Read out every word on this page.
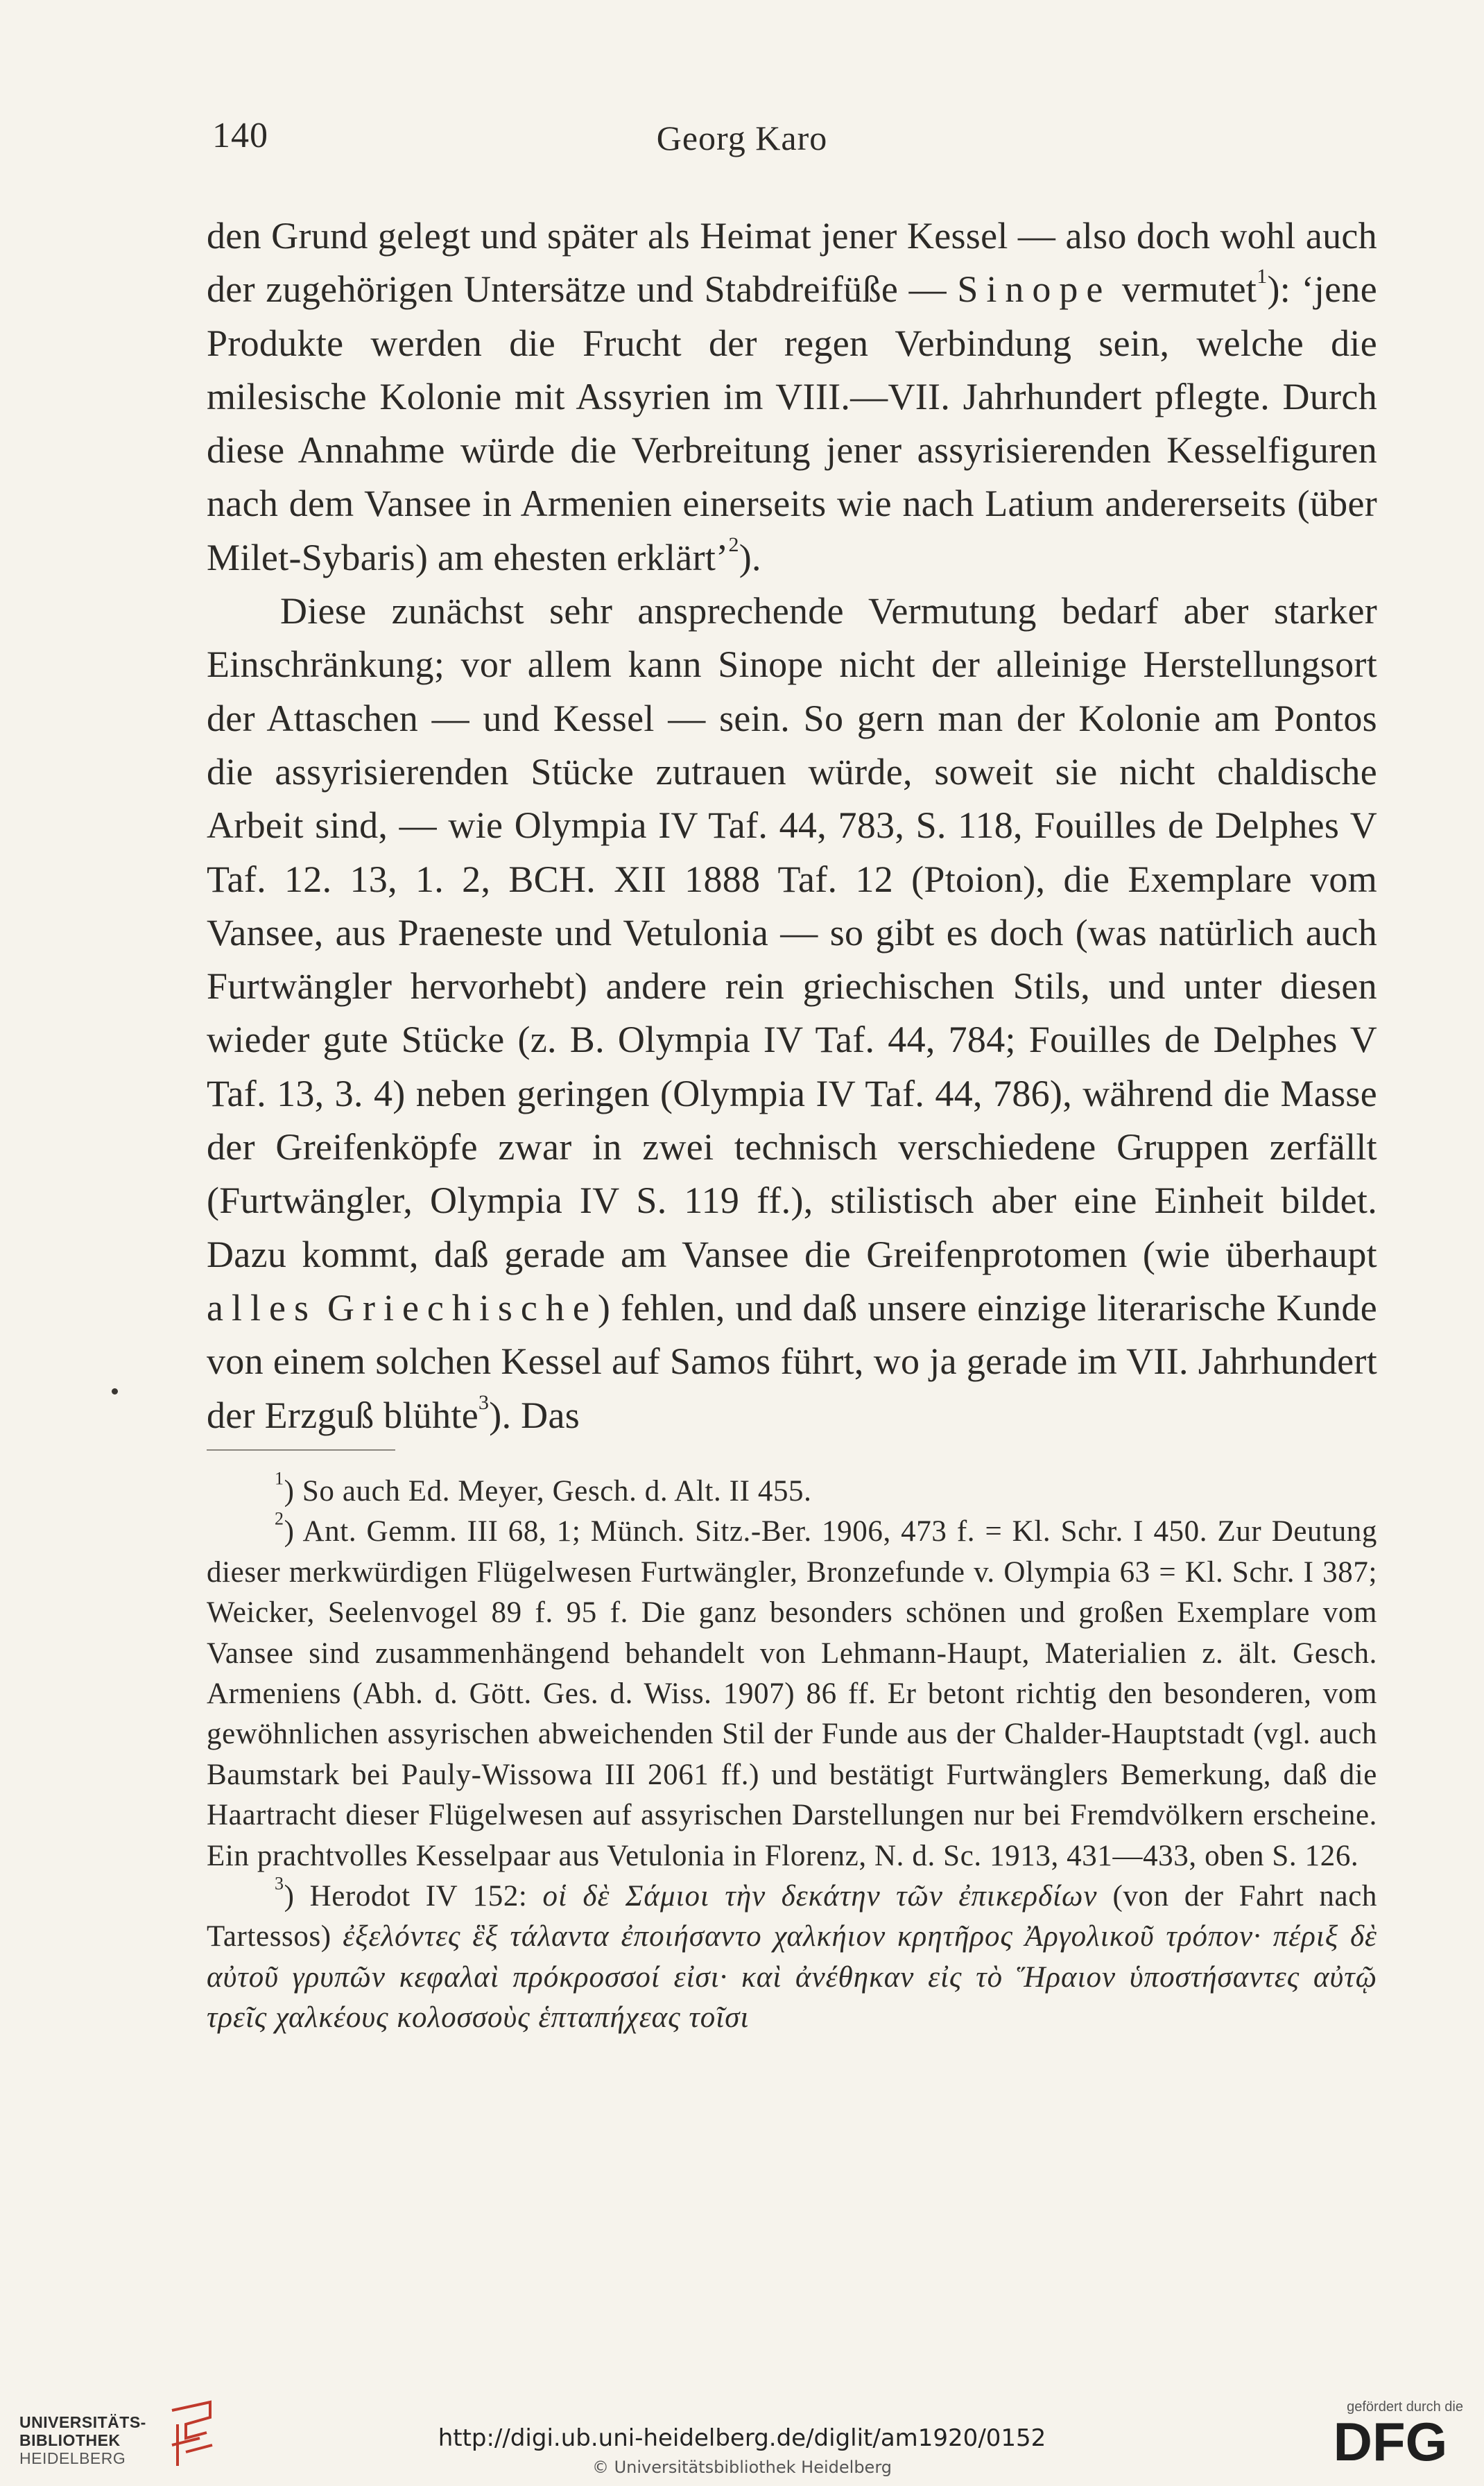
140	Georg Karo

den Grund gelegt und später als Heimat jener Kessel — also doch wohl auch der zugehörigen Untersätze und Stabdreifüße — Sinope vermutet$^1$): ‘jene Produkte werden die Frucht der regen Verbindung sein, welche die milesische Kolonie mit Assyrien im VIII.—VII. Jahrhundert pflegte. Durch diese Annahme würde die Verbreitung jener assyrisierenden Kesselfiguren nach dem Vansee in Armenien einerseits wie nach Latium andererseits (über Milet-Sybaris) am ehesten erklärt’$^2$).

Diese zunächst sehr ansprechende Vermutung bedarf aber starker Einschränkung; vor allem kann Sinope nicht der alleinige Herstellungsort der Attaschen — und Kessel — sein. So gern man der Kolonie am Pontos die assyrisierenden Stücke zutrauen würde, soweit sie nicht chaldische Arbeit sind, — wie Olympia IV Taf. 44, 783, S. 118, Fouilles de Delphes V Taf. 12. 13, 1. 2, BCH. XII 1888 Taf. 12 (Ptoion), die Exemplare vom Vansee, aus Praeneste und Vetulonia — so gibt es doch (was natürlich auch Furtwängler hervorhebt) andere rein griechischen Stils, und unter diesen wieder gute Stücke (z. B. Olympia IV Taf. 44, 784; Fouilles de Delphes V Taf. 13, 3. 4) neben geringen (Olympia IV Taf. 44, 786), während die Masse der Greifenköpfe zwar in zwei technisch verschiedene Gruppen zerfällt (Furtwängler, Olympia IV S. 119 ff.), stilistisch aber eine Einheit bildet. Dazu kommt, daß gerade am Vansee die Greifenprotomen (wie überhaupt alles Griechische) fehlen, und daß unsere einzige literarische Kunde von einem solchen Kessel auf Samos führt, wo ja gerade im VII. Jahrhundert der Erzguß blühte$^3$). Das

$^1$) So auch Ed. Meyer, Gesch. d. Alt. II 455.

$^2$) Ant. Gemm. III 68, 1; Münch. Sitz.-Ber. 1906, 473 f. = Kl. Schr. I 450. Zur Deutung dieser merkwürdigen Flügelwesen Furtwängler, Bronzefunde v. Olympia 63 = Kl. Schr. I 387; Weicker, Seelenvogel 89 f. 95 f. Die ganz besonders schönen und großen Exemplare vom Vansee sind zusammenhängend behandelt von Lehmann-Haupt, Materialien z. ält. Gesch. Armeniens (Abh. d. Gött. Ges. d. Wiss. 1907) 86 ff. Er betont richtig den besonderen, vom gewöhnlichen assyrischen abweichenden Stil der Funde aus der Chalder-Hauptstadt (vgl. auch Baumstark bei Pauly-Wissowa III 2061 ff.) und bestätigt Furtwänglers Bemerkung, daß die Haartracht dieser Flügelwesen auf assyrischen Darstellungen nur bei Fremdvölkern erscheine. Ein prachtvolles Kesselpaar aus Vetulonia in Florenz, N. d. Sc. 1913, 431—433, oben S. 126.

$^3$) Herodot IV 152: οἱ δὲ Σάμιοι τὴν δεκάτην τῶν ἐπικερδίων (von der Fahrt nach Tartessos) ἐξελόντες ἓξ τάλαντα ἐποιήσαντο χαλκήιον κρητῆρος Ἀργολικοῦ τρόπον· πέριξ δὲ αὐτοῦ γρυπῶν κεφαλαὶ πρόκροσσοί εἰσι· καὶ ἀνέθηκαν εἰς τὸ Ἥραιον ὑποστήσαντες αὐτῷ τρεῖς χαλκέους κολοσσοὺς ἑπταπήχεας τοῖσι

UNIVERSITÄTS-
BIBLIOTHEK
HEIDELBERG
http://digi.ub.uni-heidelberg.de/diglit/am1920/0152
© Universitätsbibliothek Heidelberg
gefördert durch die
DFG
